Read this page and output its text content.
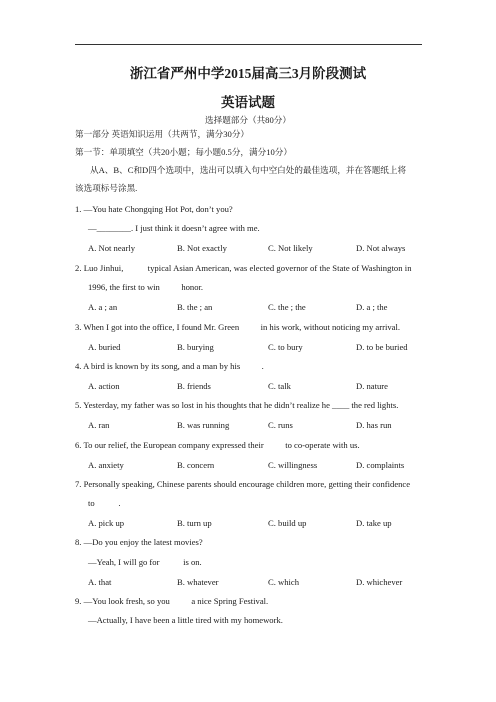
浙江省严州中学2015届高三3月阶段测试
英语试题
选择题部分（共80分）
第一部分 英语知识运用（共两节，满分30分）
第一节：单项填空（共20小题；每小题0.5分，满分10分）
从A、B、C和D四个选项中，选出可以填入句中空白处的最佳选项，并在答题纸上将
该选项标号涂黑.
1. —You hate Chongqing Hot Pot, don’t you?
—________. I just think it doesn’t agree with me.
A. Not nearly	B. Not exactly	C. Not likely	D. Not always
2. Luo Jinhui,           typical Asian American, was elected governor of the State of Washington in
1996, the first to win          honor.
A. a ; an	B. the ; an	C. the ; the	D. a ; the
3. When I got into the office, I found Mr. Green          in his work, without noticing my arrival.
A. buried	B. burying	C. to bury	D. to be buried
4. A bird is known by its song, and a man by his          .
A. action	B. friends	C. talk	D. nature
5. Yesterday, my father was so lost in his thoughts that he didn’t realize he ____ the red lights.
A. ran	B. was running	C. runs	D. has run
6. To our relief, the European company expressed their          to co-operate with us.
A. anxiety	B. concern	C. willingness	D. complaints
7. Personally speaking, Chinese parents should encourage children more, getting their confidence
to           .
A. pick up	B. turn up	C. build up	D. take up
8. —Do you enjoy the latest movies?
—Yeah, I will go for           is on.
A. that	B. whatever	C. which	D. whichever
9. —You look fresh, so you          a nice Spring Festival.
—Actually, I have been a little tired with my homework.
